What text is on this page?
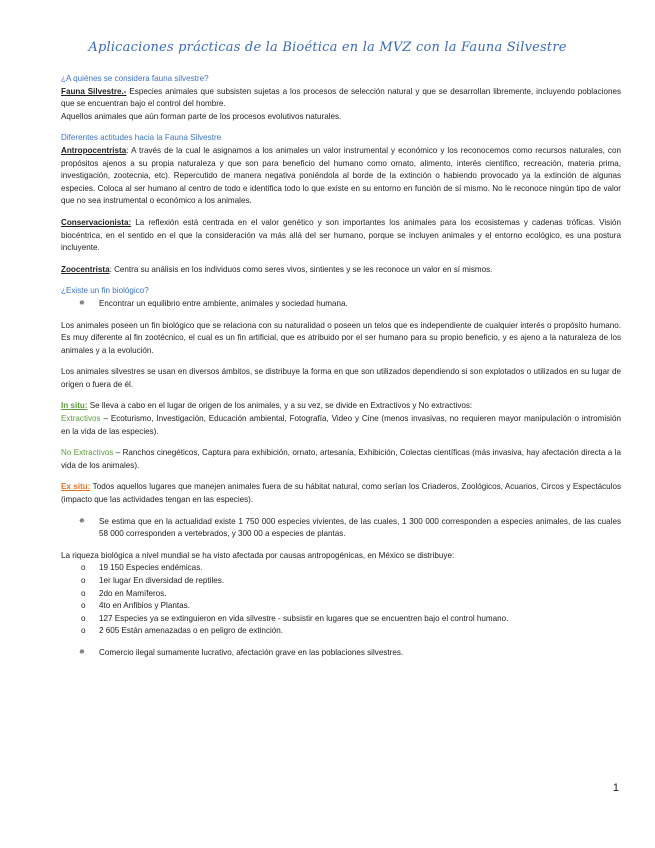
Aplicaciones prácticas de la Bioética en la MVZ con la Fauna Silvestre

¿A quiénes se considera fauna silvestre?

Fauna Silvestre.- Especies animales que subsisten sujetas a los procesos de selección natural y que se desarrollan libremente, incluyendo poblaciones que se encuentran bajo el control del hombre.

Aquellos animales que aún forman parte de los procesos evolutivos naturales.

Diferentes actitudes hacia la Fauna Silvestre

Antropocentrista: A través de la cual le asignamos a los animales un valor instrumental y económico y los reconocemos como recursos naturales, con propósitos ajenos a su propia naturaleza y que son para beneficio del humano como ornato, alimento, interés científico, recreación, materia prima, investigación, zootecnia, etc). Repercutido de manera negativa poniéndola al borde de la extinción o habiendo provocado ya la extinción de algunas especies. Coloca al ser humano al centro de todo e identifica todo lo que existe en su entorno en función de sí mismo. No le reconoce ningún tipo de valor que no sea instrumental o económico a los animales.

Conservacionista: La reflexión está centrada en el valor genético y son importantes los animales para los ecosistemas y cadenas tróficas. Visión biocéntrica, en el sentido en el que la consideración va más allá del ser humano, porque se incluyen animales y el entorno ecológico, es una postura incluyente.

Zoocentrista: Centra su análisis en los individuos como seres vivos, sintientes y se les reconoce un valor en sí mismos.

¿Existe un fin biológico?

✵	Encontrar un equilibrio entre ambiente, animales y sociedad humana.

Los animales poseen un fin biológico que se relaciona con su naturalidad o poseen un telos que es independiente de cualquier interés o propósito humano. Es muy diferente al fin zootécnico, el cual es un fin artificial, que es atribuido por el ser humano para su propio beneficio, y es ajeno a la naturaleza de los animales y a la evolución.

Los animales silvestres se usan en diversos ámbitos, se distribuye la forma en que son utilizados dependiendo si son explotados o utilizados en su lugar de origen o fuera de él.

In situ: Se lleva a cabo en el lugar de origen de los animales, y a su vez, se divide en Extractivos y No extractivos:

Extractivos – Ecoturismo, Investigación, Educación ambiental, Fotografía, Video y Cine (menos invasivas, no requieren mayor manipulación o intromisión en la vida de las especies).

No Extractivos – Ranchos cinegéticos, Captura para exhibición, ornato, artesanía, Exhibición, Colectas científicas (más invasiva, hay afectación directa a la vida de los animales).

Ex situ: Todos aquellos lugares que manejen animales fuera de su hábitat natural, como serían los Criaderos, Zoológicos, Acuarios, Circos y Espectáculos (impacto que las actividades tengan en las especies).

✵	Se estima que en la actualidad existe 1 750 000 especies vivientes, de las cuales, 1 300 000 corresponden a especies animales, de las cuales 58 000 corresponden a vertebrados, y 300 00 a especies de plantas.

La riqueza biológica a nivel mundial se ha visto afectada por causas antropogénicas, en México se distribuye:

o	19 150 Especies endémicas.
o	1er lugar En diversidad de reptiles.
o	2do en Mamíferos.
o	4to en Anfibios y Plantas.
o	127 Especies ya se extinguieron en vida silvestre - subsistir en lugares que se encuentren bajo el control humano.
o	2 605 Están amenazadas o en peligro de extinción.
✵	Comercio ilegal sumamente lucrativo, afectación grave en las poblaciones silvestres.
1
